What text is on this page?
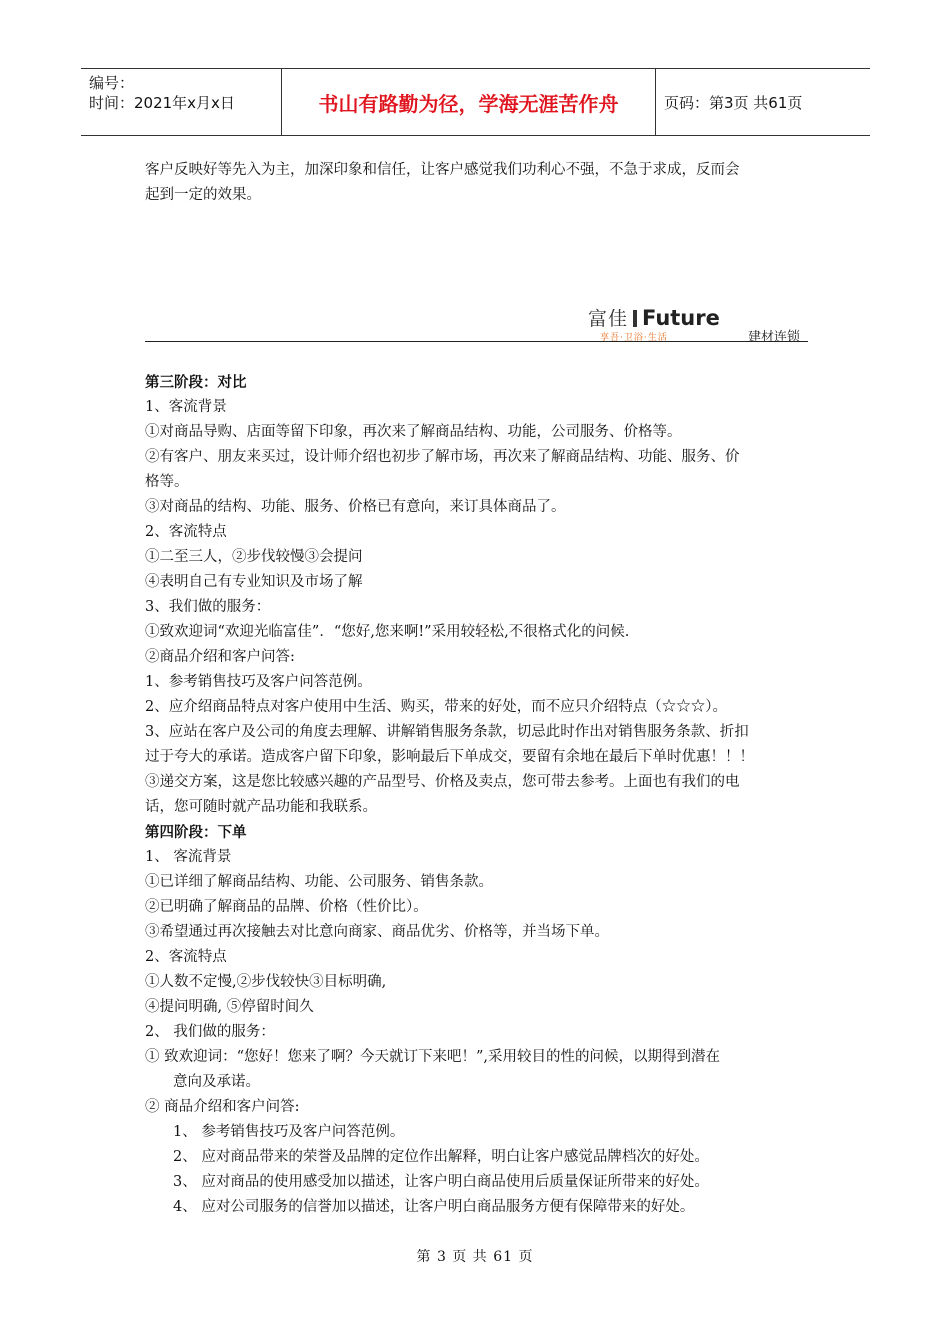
编号：
时间：2021年x月x日	书山有路勤为径，学海无涯苦作舟	页码：第3页 共61页
客户反映好等先入为主，加深印象和信任，让客户感觉我们功利心不强，不急于求成，反而会
起到一定的效果。
富佳 Future
享吾·卫浴·生活	建材连锁
第三阶段：对比
1、客流背景
①对商品导购、店面等留下印象，再次来了解商品结构、功能，公司服务、价格等。
②有客户、朋友来买过，设计师介绍也初步了解市场，再次来了解商品结构、功能、服务、价
格等。
③对商品的结构、功能、服务、价格已有意向，来订具体商品了。
2、客流特点
①二至三人，②步伐较慢③会提问
④表明自己有专业知识及市场了解
3、我们做的服务：
①致欢迎词“欢迎光临富佳”．“您好,您来啊!”采用较轻松,不很格式化的问候.
②商品介绍和客户问答:
1、参考销售技巧及客户问答范例。
2、应介绍商品特点对客户使用中生活、购买，带来的好处，而不应只介绍特点（☆☆☆）。
3、应站在客户及公司的角度去理解、讲解销售服务条款，切忌此时作出对销售服务条款、折扣
过于夸大的承诺。造成客户留下印象，影响最后下单成交，要留有余地在最后下单时优惠！！！
③递交方案，这是您比较感兴趣的产品型号、价格及卖点，您可带去参考。上面也有我们的电
话，您可随时就产品功能和我联系。
第四阶段：下单
1、 客流背景
①已详细了解商品结构、功能、公司服务、销售条款。
②已明确了解商品的品牌、价格（性价比）。
③希望通过再次接触去对比意向商家、商品优劣、价格等，并当场下单。
2、客流特点
①人数不定慢,②步伐较快③目标明确,
④提问明确, ⑤停留时间久
2、 我们做的服务：
① 致欢迎词：“您好！您来了啊？今天就订下来吧！”,采用较目的性的问候，以期得到潜在
意向及承诺。
② 商品介绍和客户问答:
1、 参考销售技巧及客户问答范例。
2、 应对商品带来的荣誉及品牌的定位作出解释，明白让客户感觉品牌档次的好处。
3、 应对商品的使用感受加以描述，让客户明白商品使用后质量保证所带来的好处。
4、 应对公司服务的信誉加以描述，让客户明白商品服务方便有保障带来的好处。
第 3 页 共 61 页
